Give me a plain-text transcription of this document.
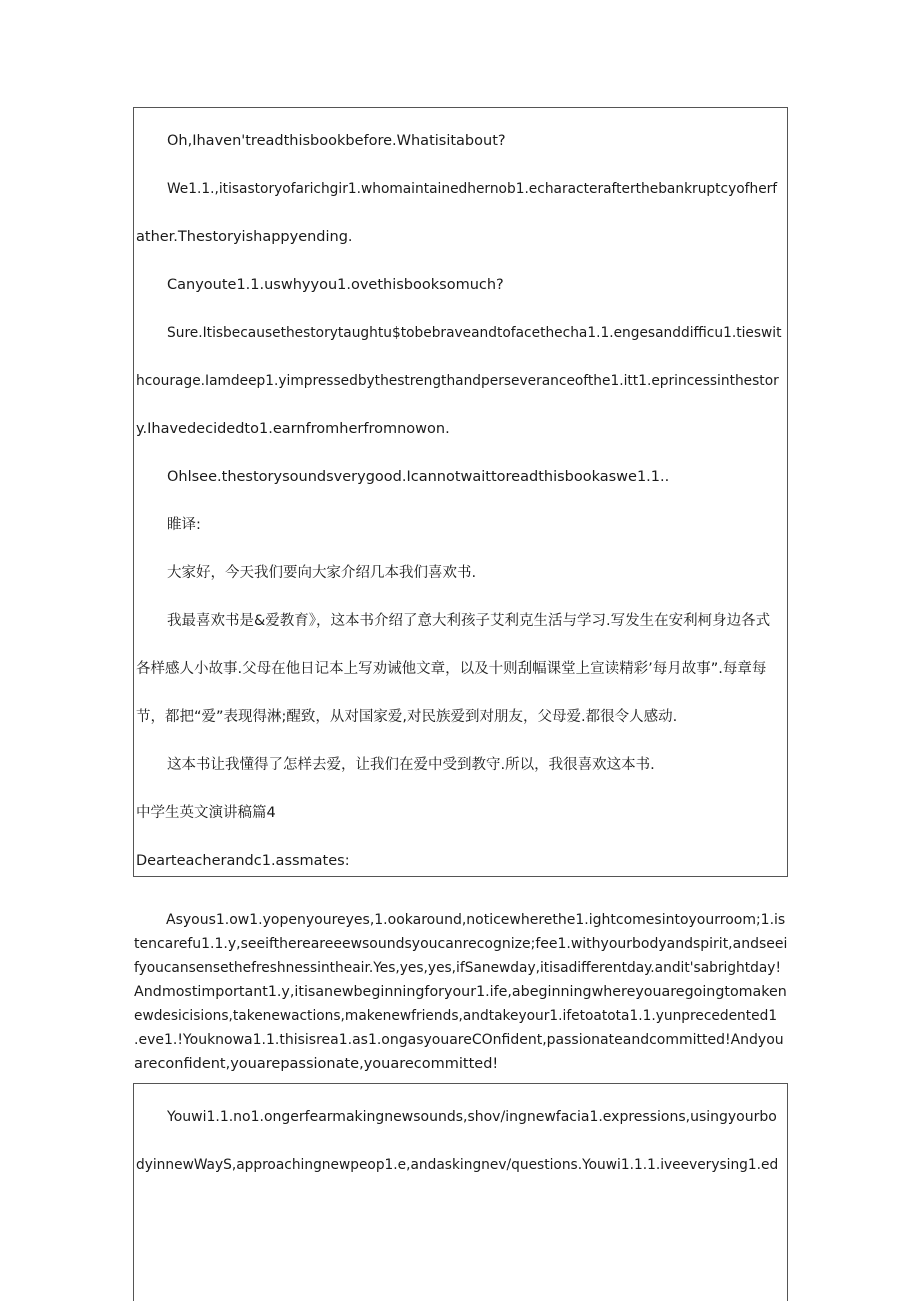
Oh,Ihaven'treadthisbookbefore.Whatisitabout?
We1.1.,itisastoryofarichgir1.whomaintainedhernob1.echaracterafterthebankruptcyofherf
ather.Thestoryishappyending.
Canyoute1.1.uswhyyou1.ovethisbooksomuch?
Sure.Itisbecausethestorytaughtu$tobebraveandtofacethecha1.1.engesanddifficu1.tieswit
hcourage.Iamdeep1.yimpressedbythestrengthandperseveranceofthe1.itt1.eprincessinthestor
y.Ihavedecidedto1.earnfromherfromnowon.
Ohlsee.thestorysoundsverygood.Icannotwaittoreadthisbookaswe1.1..
睢译:
大家好，今天我们要向大家介绍几本我们喜欢书.
我最喜欢书是&爱教育》，这本书介绍了意大利孩子艾利克生活与学习.写发生在安利柯身边各式
各样感人小故事.父母在他日记本上写劝诫他文章，以及十则刮幅课堂上宣读精彩’每月故事”.每章每
节，都把“爱”表现得淋;醒致，从对国家爱,对民族爱到对朋友，父母爱.都很令人感动.
这本书让我懂得了怎样去爱，让我们在爱中受到教守.所以，我很喜欢这本书.
中学生英文演讲稿篇4
Dearteacherandc1.assmates:
Asyous1.ow1.yopenyoureyes,1.ookaround,noticewherethe1.ightcomesintoyourroom;1.is
tencarefu1.1.y,seeifthereareeewsoundsyoucanrecognize;fee1.withyourbodyandspirit,andseei
fyoucansensethefreshnessintheair.Yes,yes,yes,ifSanewday,itisadifferentday.andit'sabrightday!
Andmostimportant1.y,itisanewbeginningforyour1.ife,abeginningwhereyouaregoingtomaken
ewdesicisions,takenewactions,makenewfriends,andtakeyour1.ifetoatota1.1.yunprecedented1
.eve1.!Youknowa1.1.thisisrea1.as1.ongasyouareCOnfident,passionateandcommitted!Andyou
areconfident,youarepassionate,youarecommitted!
Youwi1.1.no1.ongerfearmakingnewsounds,shov/ingnewfacia1.expressions,usingyourbo
dyinnewWayS,approachingnewpeop1.e,andaskingnev/questions.Youwi1.1.1.iveeverysing1.ed
